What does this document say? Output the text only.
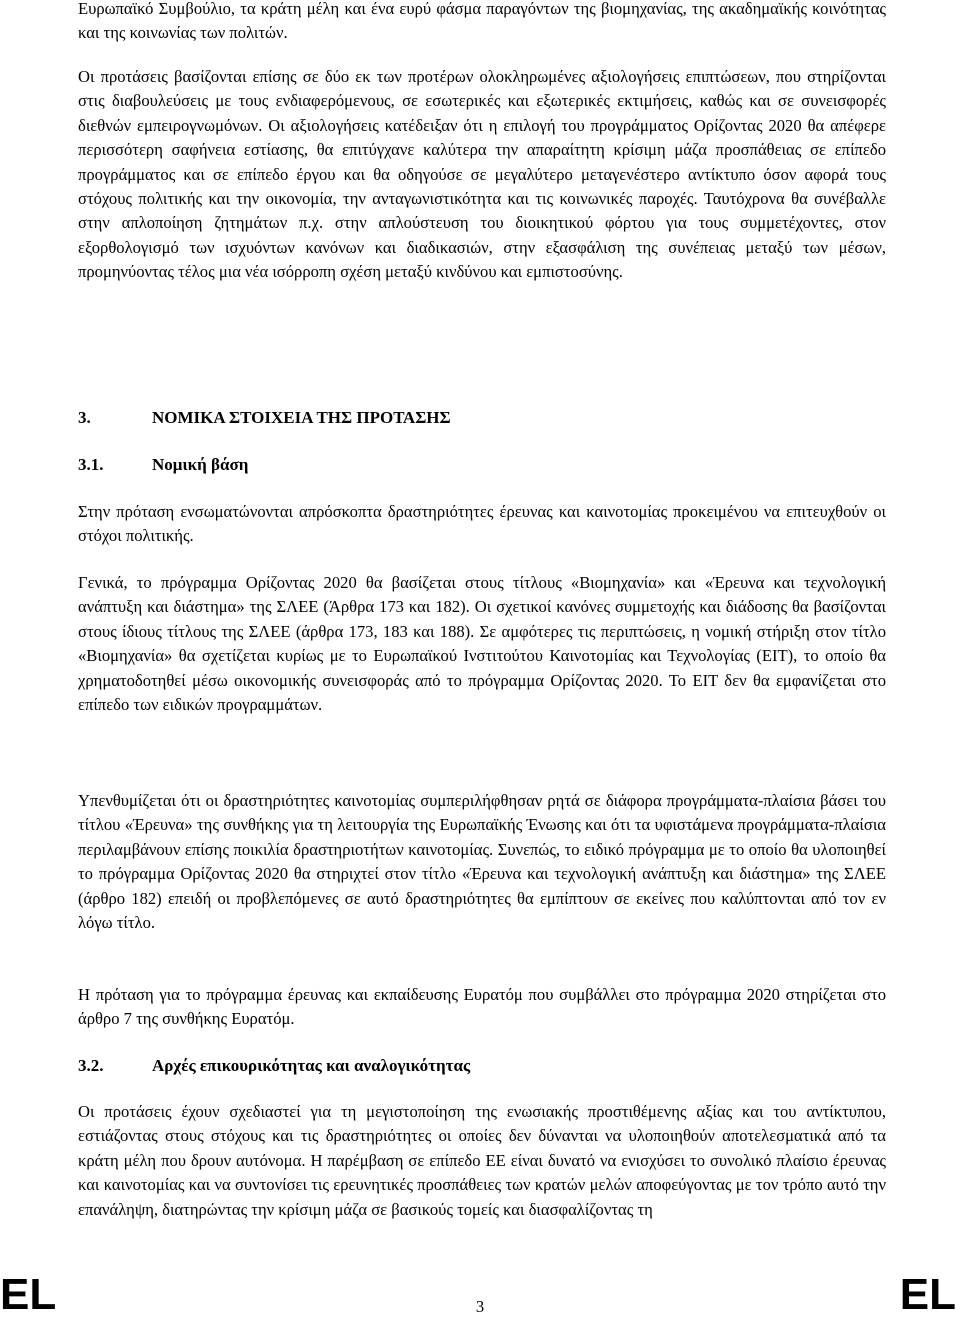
Ευρωπαϊκό Συμβούλιο, τα κράτη μέλη και ένα ευρύ φάσμα παραγόντων της βιομηχανίας, της ακαδημαϊκής κοινότητας και της κοινωνίας των πολιτών.

Οι προτάσεις βασίζονται επίσης σε δύο εκ των προτέρων ολοκληρωμένες αξιολογήσεις επιπτώσεων, που στηρίζονται στις διαβουλεύσεις με τους ενδιαφερόμενους, σε εσωτερικές και εξωτερικές εκτιμήσεις, καθώς και σε συνεισφορές διεθνών εμπειρογνωμόνων. Οι αξιολογήσεις κατέδειξαν ότι η επιλογή του προγράμματος Ορίζοντας 2020 θα απέφερε περισσότερη σαφήνεια εστίασης, θα επιτύγχανε καλύτερα την απαραίτητη κρίσιμη μάζα προσπάθειας σε επίπεδο προγράμματος και σε επίπεδο έργου και θα οδηγούσε σε μεγαλύτερο μεταγενέστερο αντίκτυπο όσον αφορά τους στόχους πολιτικής και την οικονομία, την ανταγωνιστικότητα και τις κοινωνικές παροχές. Ταυτόχρονα θα συνέβαλλε στην απλοποίηση ζητημάτων π.χ. στην απλούστευση του διοικητικού φόρτου για τους συμμετέχοντες, στον εξορθολογισμό των ισχυόντων κανόνων και διαδικασιών, στην εξασφάλιση της συνέπειας μεταξύ των μέσων, προμηνύοντας τέλος μια νέα ισόρροπη σχέση μεταξύ κινδύνου και εμπιστοσύνης.

3.	ΝΟΜΙΚΑ ΣΤΟΙΧΕΙΑ ΤΗΣ ΠΡΟΤΑΣΗΣ
3.1.	Νομική βάση

Στην πρόταση ενσωματώνονται απρόσκοπτα δραστηριότητες έρευνας και καινοτομίας προκειμένου να επιτευχθούν οι στόχοι πολιτικής.

Γενικά, το πρόγραμμα Ορίζοντας 2020 θα βασίζεται στους τίτλους «Βιομηχανία» και «Έρευνα και τεχνολογική ανάπτυξη και διάστημα» της ΣΛΕΕ (Άρθρα 173 και 182). Οι σχετικοί κανόνες συμμετοχής και διάδοσης θα βασίζονται στους ίδιους τίτλους της ΣΛΕΕ (άρθρα 173, 183 και 188). Σε αμφότερες τις περιπτώσεις, η νομική στήριξη στον τίτλο «Βιομηχανία» θα σχετίζεται κυρίως με το Ευρωπαϊκού Ινστιτούτου Καινοτομίας και Τεχνολογίας (ΕΙΤ), το οποίο θα χρηματοδοτηθεί μέσω οικονομικής συνεισφοράς από το πρόγραμμα Ορίζοντας 2020. Το ΕΙΤ δεν θα εμφανίζεται στο επίπεδο των ειδικών προγραμμάτων.

Υπενθυμίζεται ότι οι δραστηριότητες καινοτομίας συμπεριλήφθησαν ρητά σε διάφορα προγράμματα-πλαίσια βάσει του τίτλου «Έρευνα» της συνθήκης για τη λειτουργία της Ευρωπαϊκής Ένωσης και ότι τα υφιστάμενα προγράμματα-πλαίσια περιλαμβάνουν επίσης ποικιλία δραστηριοτήτων καινοτομίας. Συνεπώς, το ειδικό πρόγραμμα με το οποίο θα υλοποιηθεί το πρόγραμμα Ορίζοντας 2020 θα στηριχτεί στον τίτλο «Έρευνα και τεχνολογική ανάπτυξη και διάστημα» της ΣΛΕΕ (άρθρο 182) επειδή οι προβλεπόμενες σε αυτό δραστηριότητες θα εμπίπτουν σε εκείνες που καλύπτονται από τον εν λόγω τίτλο.

Η πρόταση για το πρόγραμμα έρευνας και εκπαίδευσης Ευρατόμ που συμβάλλει στο πρόγραμμα 2020 στηρίζεται στο άρθρο 7 της συνθήκης Ευρατόμ.

3.2.	Αρχές επικουρικότητας και αναλογικότητας

Οι προτάσεις έχουν σχεδιαστεί για τη μεγιστοποίηση της ενωσιακής προστιθέμενης αξίας και του αντίκτυπου, εστιάζοντας στους στόχους και τις δραστηριότητες οι οποίες δεν δύνανται να υλοποιηθούν αποτελεσματικά από τα κράτη μέλη που δρουν αυτόνομα. Η παρέμβαση σε επίπεδο ΕΕ είναι δυνατό να ενισχύσει το συνολικό πλαίσιο έρευνας και καινοτομίας και να συντονίσει τις ερευνητικές προσπάθειες των κρατών μελών αποφεύγοντας με τον τρόπο αυτό την επανάληψη, διατηρώντας την κρίσιμη μάζα σε βασικούς τομείς και διασφαλίζοντας τη

EL	3	EL
